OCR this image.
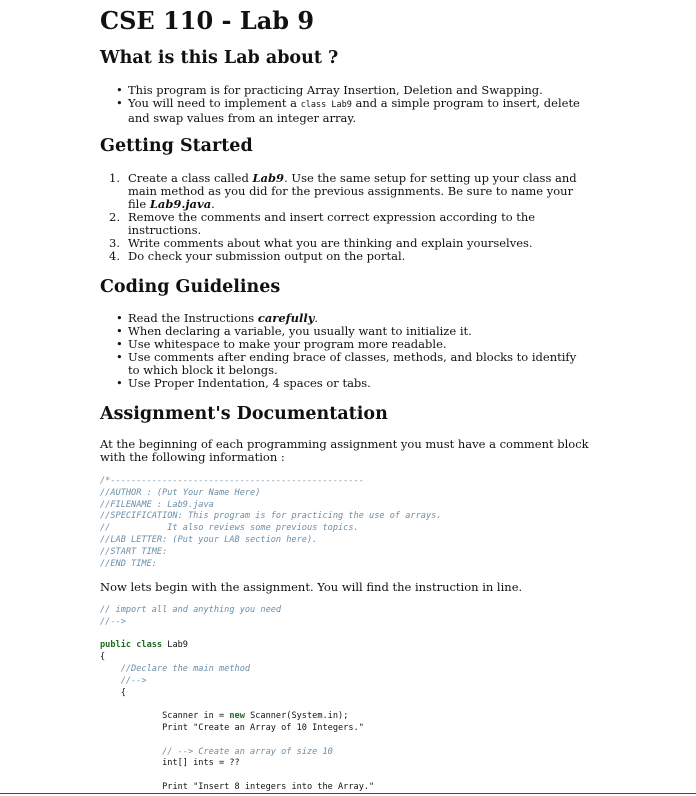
CSE 110 - Lab 9
What is this Lab about ?
• This program is for practicing Array Insertion, Deletion and Swapping.
• You will need to implement a class Lab9 and a simple program to insert, delete and swap values from an integer array.
Getting Started
1. Create a class called Lab9. Use the same setup for setting up your class and main method as you did for the previous assignments. Be sure to name your file Lab9.java.
2. Remove the comments and insert correct expression according to the instructions.
3. Write comments about what you are thinking and explain yourselves.
4. Do check your submission output on the portal.
Coding Guidelines
• Read the Instructions carefully.
• When declaring a variable, you usually want to initialize it.
• Use whitespace to make your program more readable.
• Use comments after ending brace of classes, methods, and blocks to identify to which block it belongs.
• Use Proper Indentation, 4 spaces or tabs.
Assignment's Documentation

At the beginning of each programming assignment you must have a comment block with the following information :

/*-------------------------------------------------
//AUTHOR : (Put Your Name Here)
//FILENAME : Lab9.java
//SPECIFICATION: This program is for practicing the use of arrays.
//           It also reviews some previous topics.
//LAB LETTER: (Put your LAB section here).
//START TIME:
//END TIME:

Now lets begin with the assignment. You will find the instruction in line.

// import all and anything you need
//-->

public class Lab9
{
//Declare the main method
//-->
{

Scanner in = new Scanner(System.in);
Print "Create an Array of 10 Integers."

// --> Create an array of size 10
int[] ints = ??

Print "Insert 8 integers into the Array."
